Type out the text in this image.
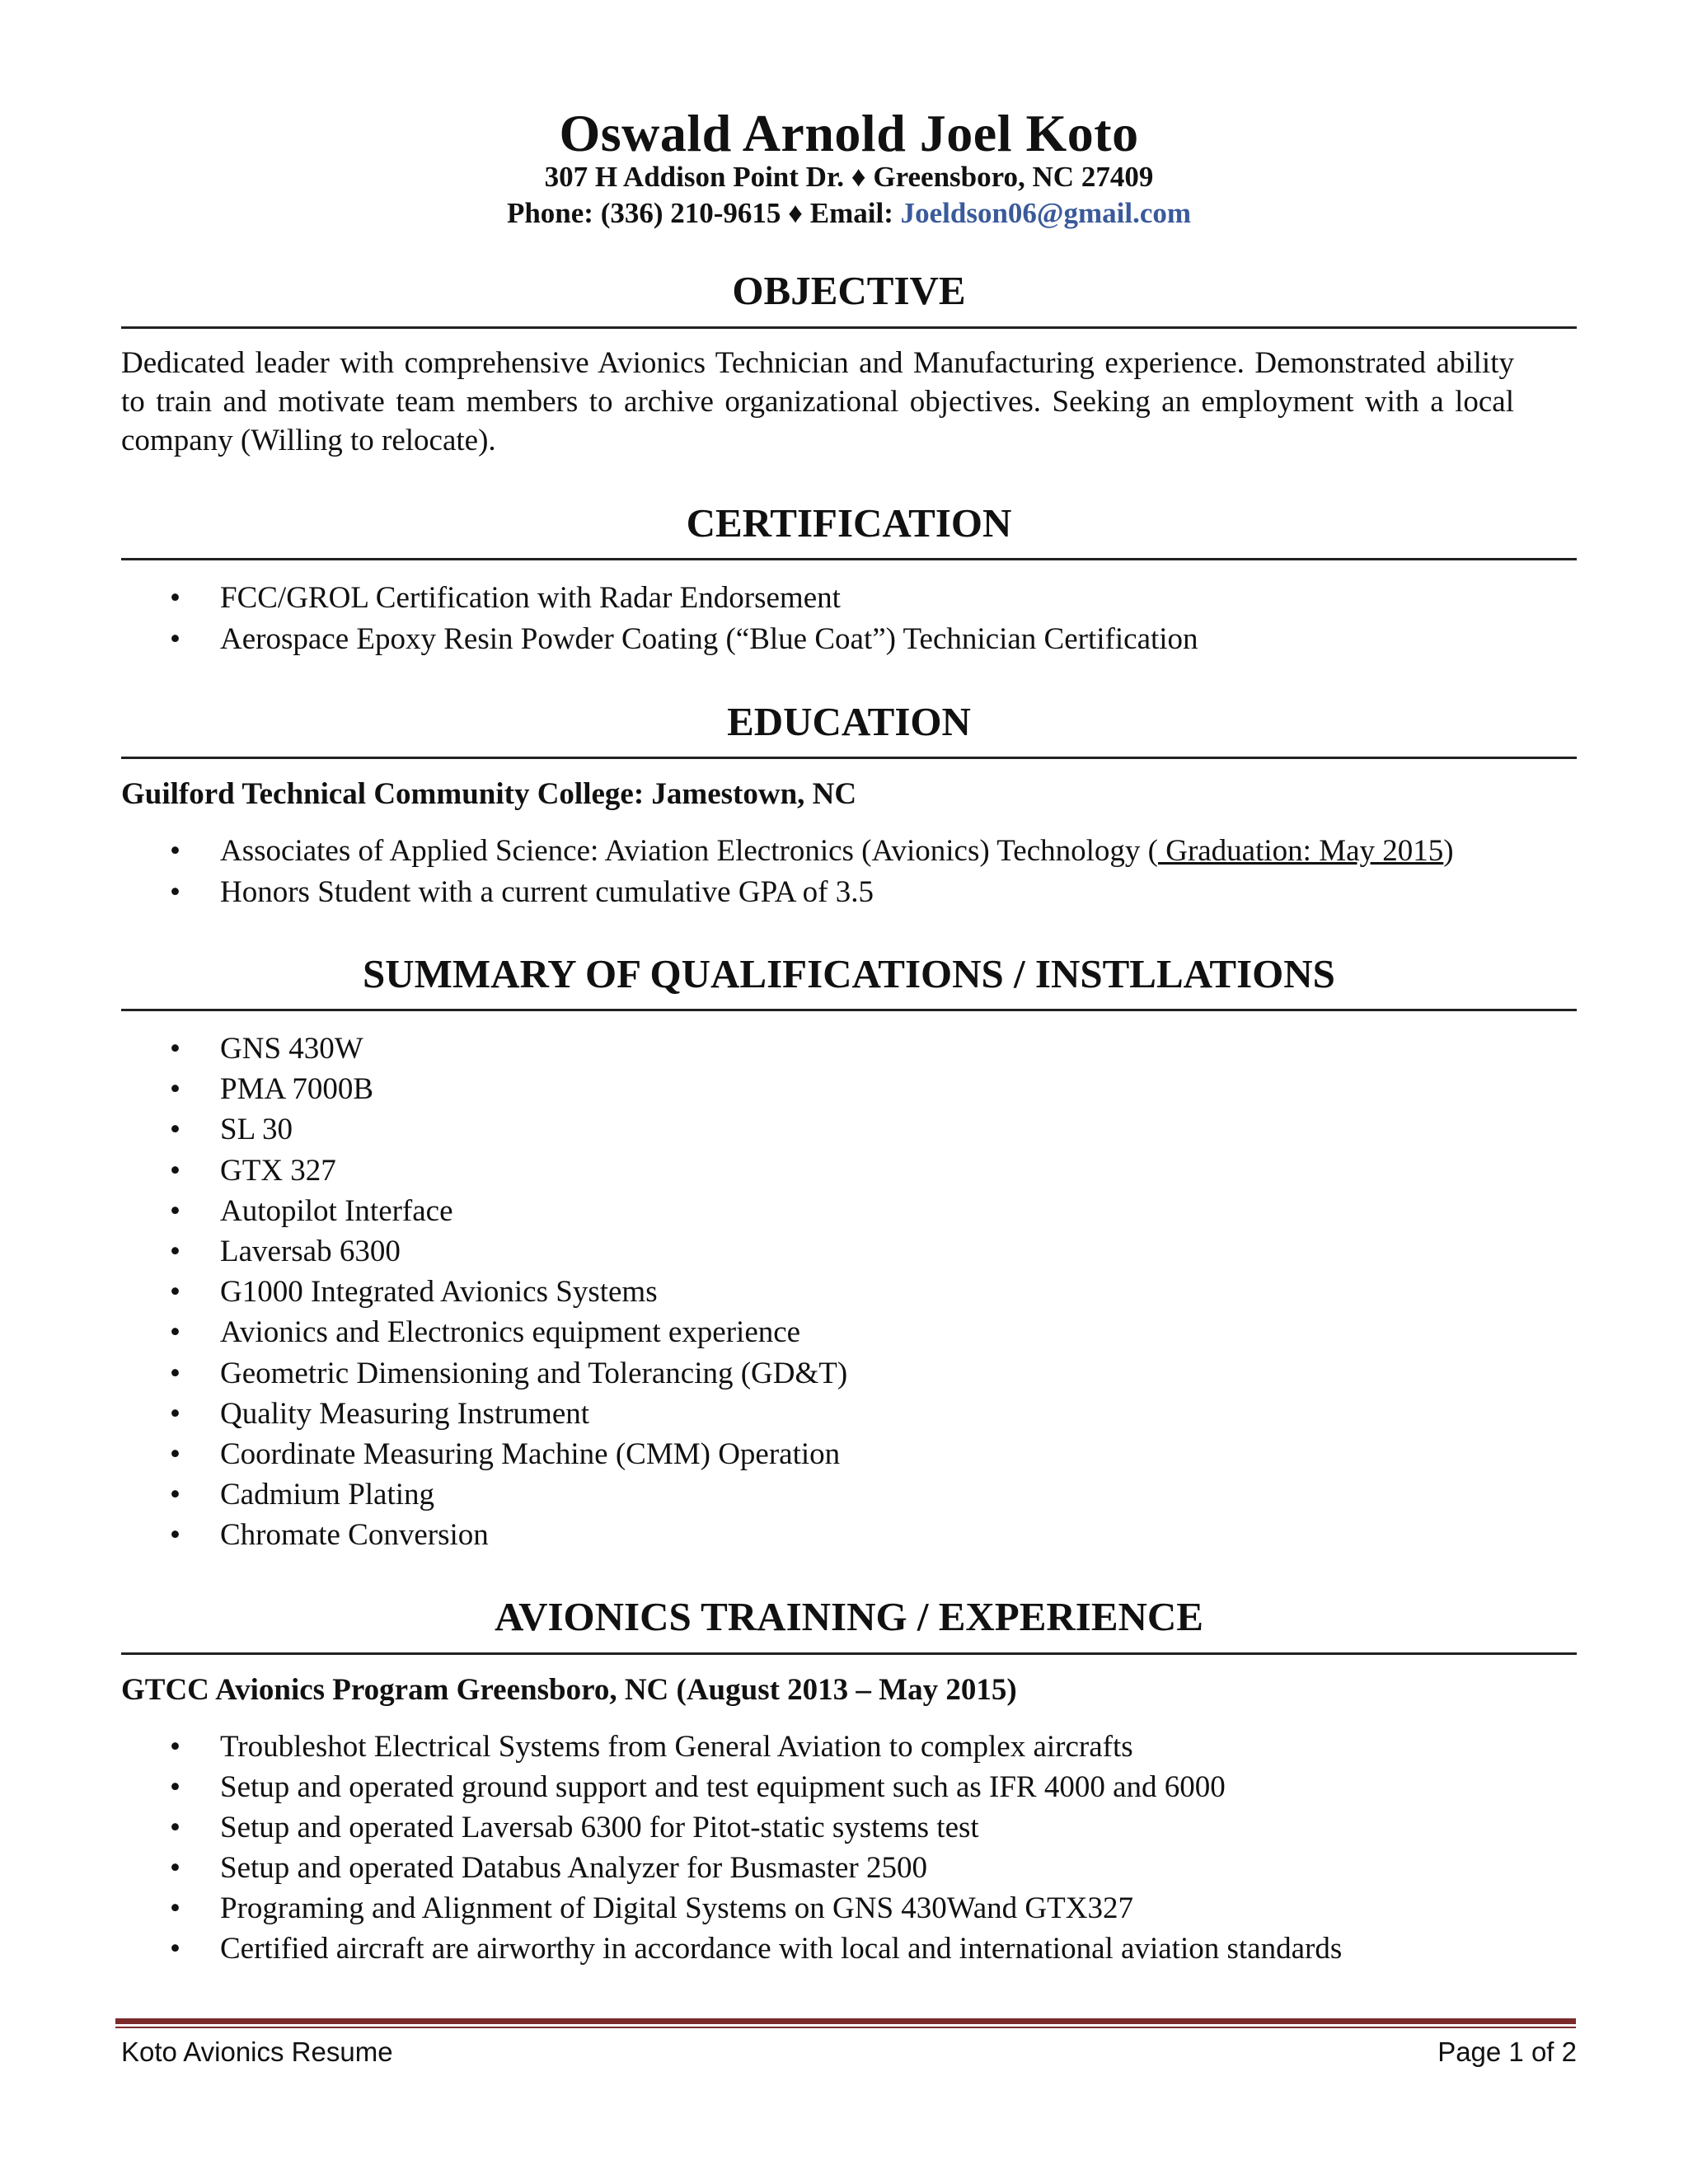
Oswald Arnold Joel Koto
307 H Addison Point Dr. ♦ Greensboro, NC 27409
Phone: (336) 210-9615 ♦ Email: Joeldson06@gmail.com
OBJECTIVE
Dedicated leader with comprehensive Avionics Technician and Manufacturing experience. Demonstrated ability to train and motivate team members to archive organizational objectives. Seeking an employment with a local company (Willing to relocate).
CERTIFICATION
• FCC/GROL Certification with Radar Endorsement
• Aerospace Epoxy Resin Powder Coating (“Blue Coat”) Technician Certification
EDUCATION
Guilford Technical Community College: Jamestown, NC
• Associates of Applied Science: Aviation Electronics (Avionics) Technology ( Graduation: May 2015)
• Honors Student with a current cumulative GPA of 3.5
SUMMARY OF QUALIFICATIONS / INSTLLATIONS
• GNS 430W
• PMA 7000B
• SL 30
• GTX 327
• Autopilot Interface
• Laversab 6300
• G1000 Integrated Avionics Systems
• Avionics and Electronics equipment experience
• Geometric Dimensioning and Tolerancing (GD&T)
• Quality Measuring Instrument
• Coordinate Measuring Machine (CMM) Operation
• Cadmium Plating
• Chromate Conversion
AVIONICS TRAINING / EXPERIENCE
GTCC Avionics Program Greensboro, NC (August 2013 – May 2015)
• Troubleshot Electrical Systems from General Aviation to complex aircrafts
• Setup and operated ground support and test equipment such as IFR 4000 and 6000
• Setup and operated Laversab 6300 for Pitot-static systems test
• Setup and operated Databus Analyzer for Busmaster 2500
• Programing and Alignment of Digital Systems on GNS 430Wand GTX327
• Certified aircraft are airworthy in accordance with local and international aviation standards
Koto Avionics Resume	Page 1 of 2
